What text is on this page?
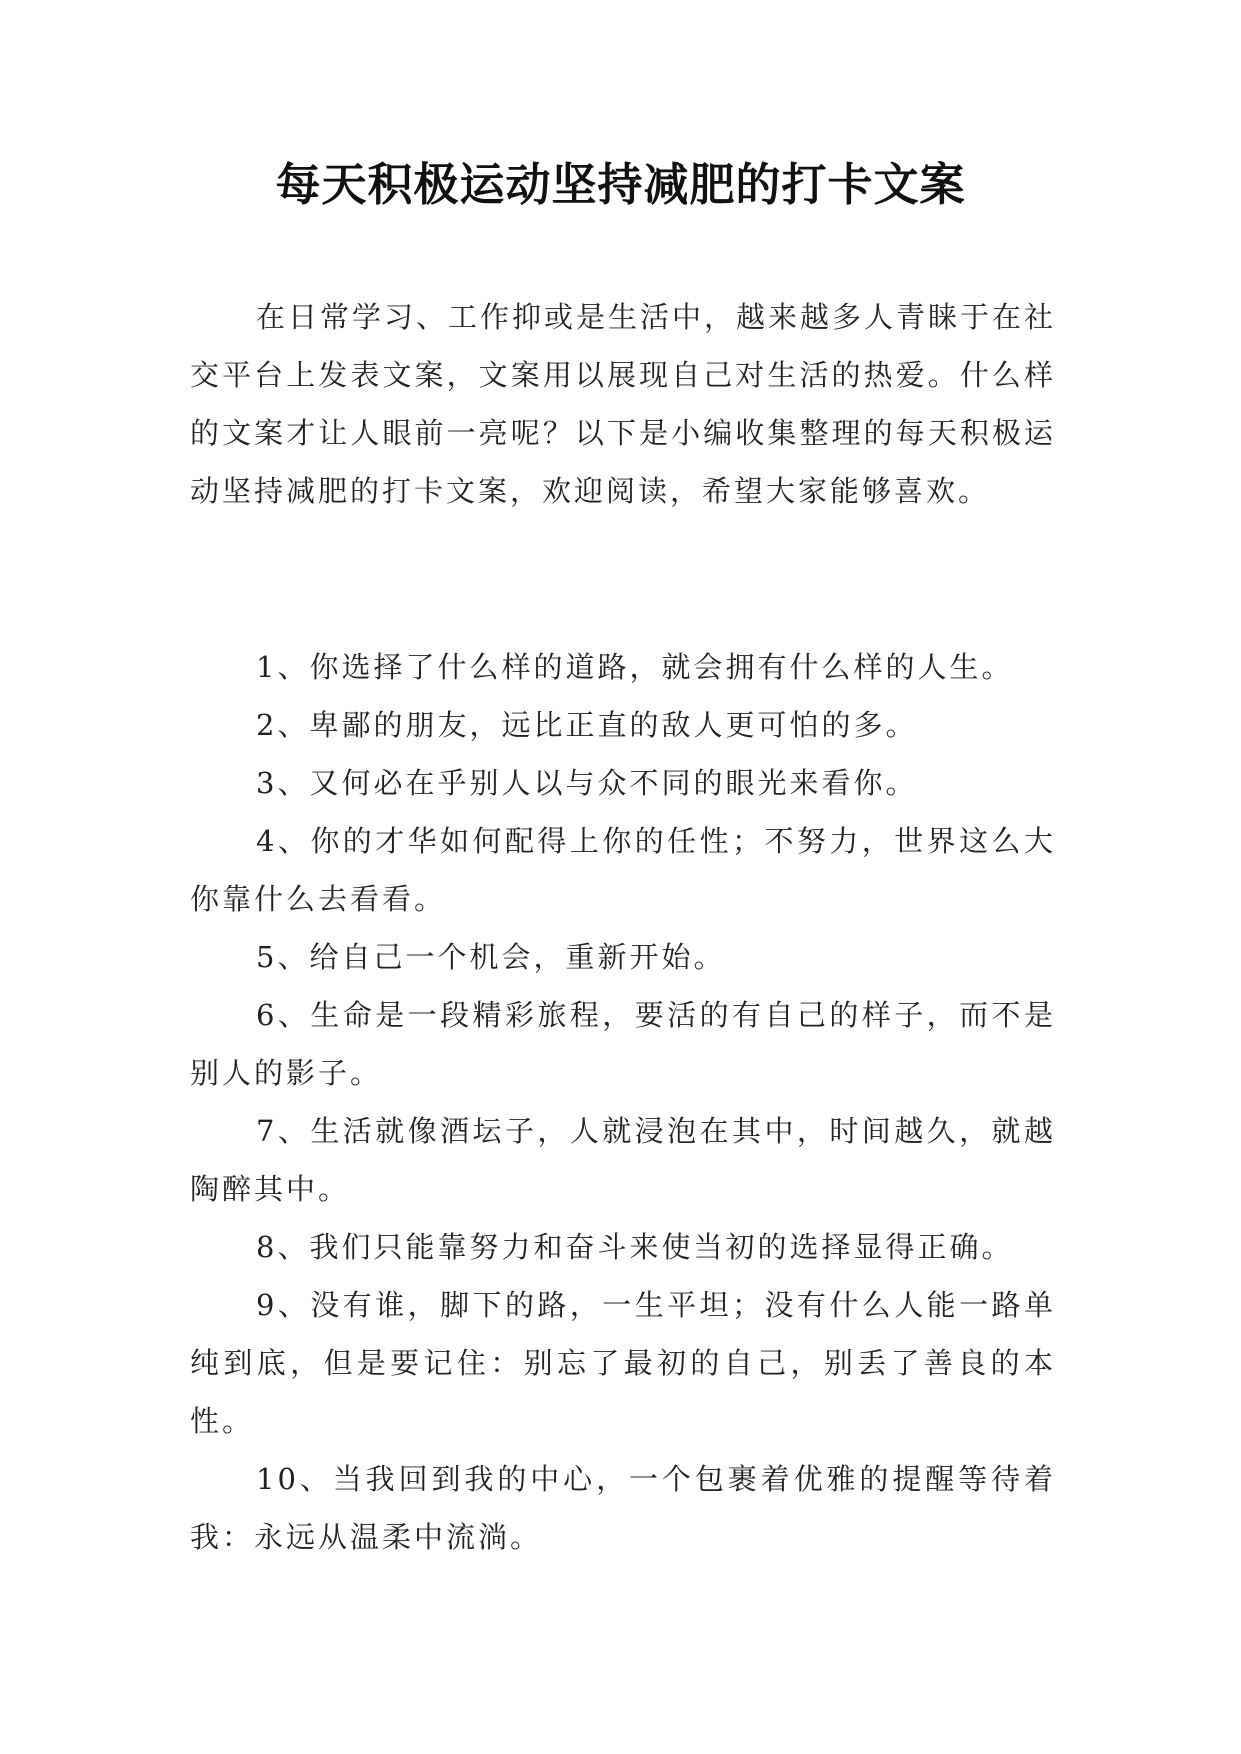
每天积极运动坚持减肥的打卡文案

在日常学习、工作抑或是生活中，越来越多人青睐于在社交平台上发表文案，文案用以展现自己对生活的热爱。什么样的文案才让人眼前一亮呢？以下是小编收集整理的每天积极运动坚持减肥的打卡文案，欢迎阅读，希望大家能够喜欢。

1、你选择了什么样的道路，就会拥有什么样的人生。

2、卑鄙的朋友，远比正直的敌人更可怕的多。

3、又何必在乎别人以与众不同的眼光来看你。

4、你的才华如何配得上你的任性；不努力，世界这么大你靠什么去看看。

5、给自己一个机会，重新开始。

6、生命是一段精彩旅程，要活的有自己的样子，而不是别人的影子。

7、生活就像酒坛子，人就浸泡在其中，时间越久，就越陶醉其中。

8、我们只能靠努力和奋斗来使当初的选择显得正确。

9、没有谁，脚下的路，一生平坦；没有什么人能一路单纯到底，但是要记住：别忘了最初的自己，别丢了善良的本性。

10、当我回到我的中心，一个包裹着优雅的提醒等待着我：永远从温柔中流淌。
